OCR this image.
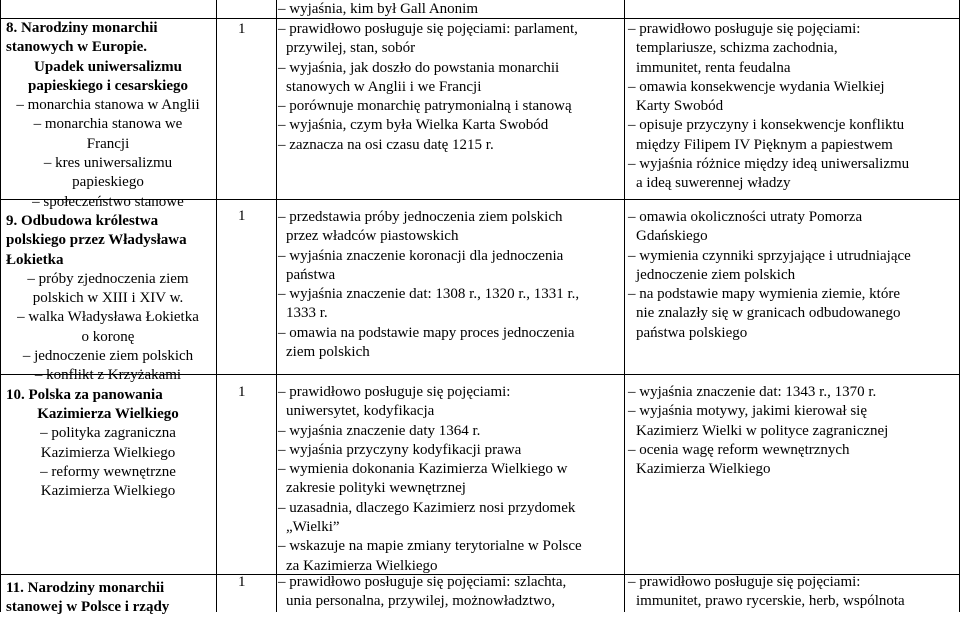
8. Narodziny monarchii
stanowych w Europie.
Upadek uniwersalizmu
papieskiego i cesarskiego
– monarchia stanowa w Anglii
– monarchia stanowa we
Francji
– kres uniwersalizmu
papieskiego
– społeczeństwo stanowe
9. Odbudowa królestwa
polskiego przez Władysława
Łokietka
– próby zjednoczenia ziem
polskich w XIII i XIV w.
– walka Władysława Łokietka
o koronę
– jednoczenie ziem polskich
– konflikt z Krzyżakami
10. Polska za panowania
Kazimierza Wielkiego
– polityka zagraniczna
Kazimierza Wielkiego
– reformy wewnętrzne
Kazimierza Wielkiego
11. Narodziny monarchii
stanowej w Polsce i rządy
1
1
1
1
– wyjaśnia, kim był Gall Anonim
– prawidłowo posługuje się pojęciami: parlament,
przywilej, stan, sobór
– wyjaśnia, jak doszło do powstania monarchii
stanowych w Anglii i we Francji
– porównuje monarchię patrymonialną i stanową
– wyjaśnia, czym była Wielka Karta Swobód
– zaznacza na osi czasu datę 1215 r.
– przedstawia próby jednoczenia ziem polskich
przez władców piastowskich
– wyjaśnia znaczenie koronacji dla jednoczenia
państwa
– wyjaśnia znaczenie dat: 1308 r., 1320 r., 1331 r.,
1333 r.
– omawia na podstawie mapy proces jednoczenia
ziem polskich
– prawidłowo posługuje się pojęciami:
uniwersytet, kodyfikacja
– wyjaśnia znaczenie daty 1364 r.
– wyjaśnia przyczyny kodyfikacji prawa
– wymienia dokonania Kazimierza Wielkiego w
zakresie polityki wewnętrznej
– uzasadnia, dlaczego Kazimierz nosi przydomek
„Wielki”
– wskazuje na mapie zmiany terytorialne w Polsce
za Kazimierza Wielkiego
– prawidłowo posługuje się pojęciami: szlachta,
unia personalna, przywilej, możnowładztwo,
– prawidłowo posługuje się pojęciami:
templariusze, schizma zachodnia,
immunitet, renta feudalna
– omawia konsekwencje wydania Wielkiej
Karty Swobód
– opisuje przyczyny i konsekwencje konfliktu
między Filipem IV Pięknym a papiestwem
– wyjaśnia różnice między ideą uniwersalizmu
a ideą suwerennej władzy
– omawia okoliczności utraty Pomorza
Gdańskiego
– wymienia czynniki sprzyjające i utrudniające
jednoczenie ziem polskich
– na podstawie mapy wymienia ziemie, które
nie znalazły się w granicach odbudowanego
państwa polskiego
– wyjaśnia znaczenie dat: 1343 r., 1370 r.
– wyjaśnia motywy, jakimi kierował się
Kazimierz Wielki w polityce zagranicznej
– ocenia wagę reform wewnętrznych
Kazimierza Wielkiego
– prawidłowo posługuje się pojęciami:
immunitet, prawo rycerskie, herb, wspólnota
